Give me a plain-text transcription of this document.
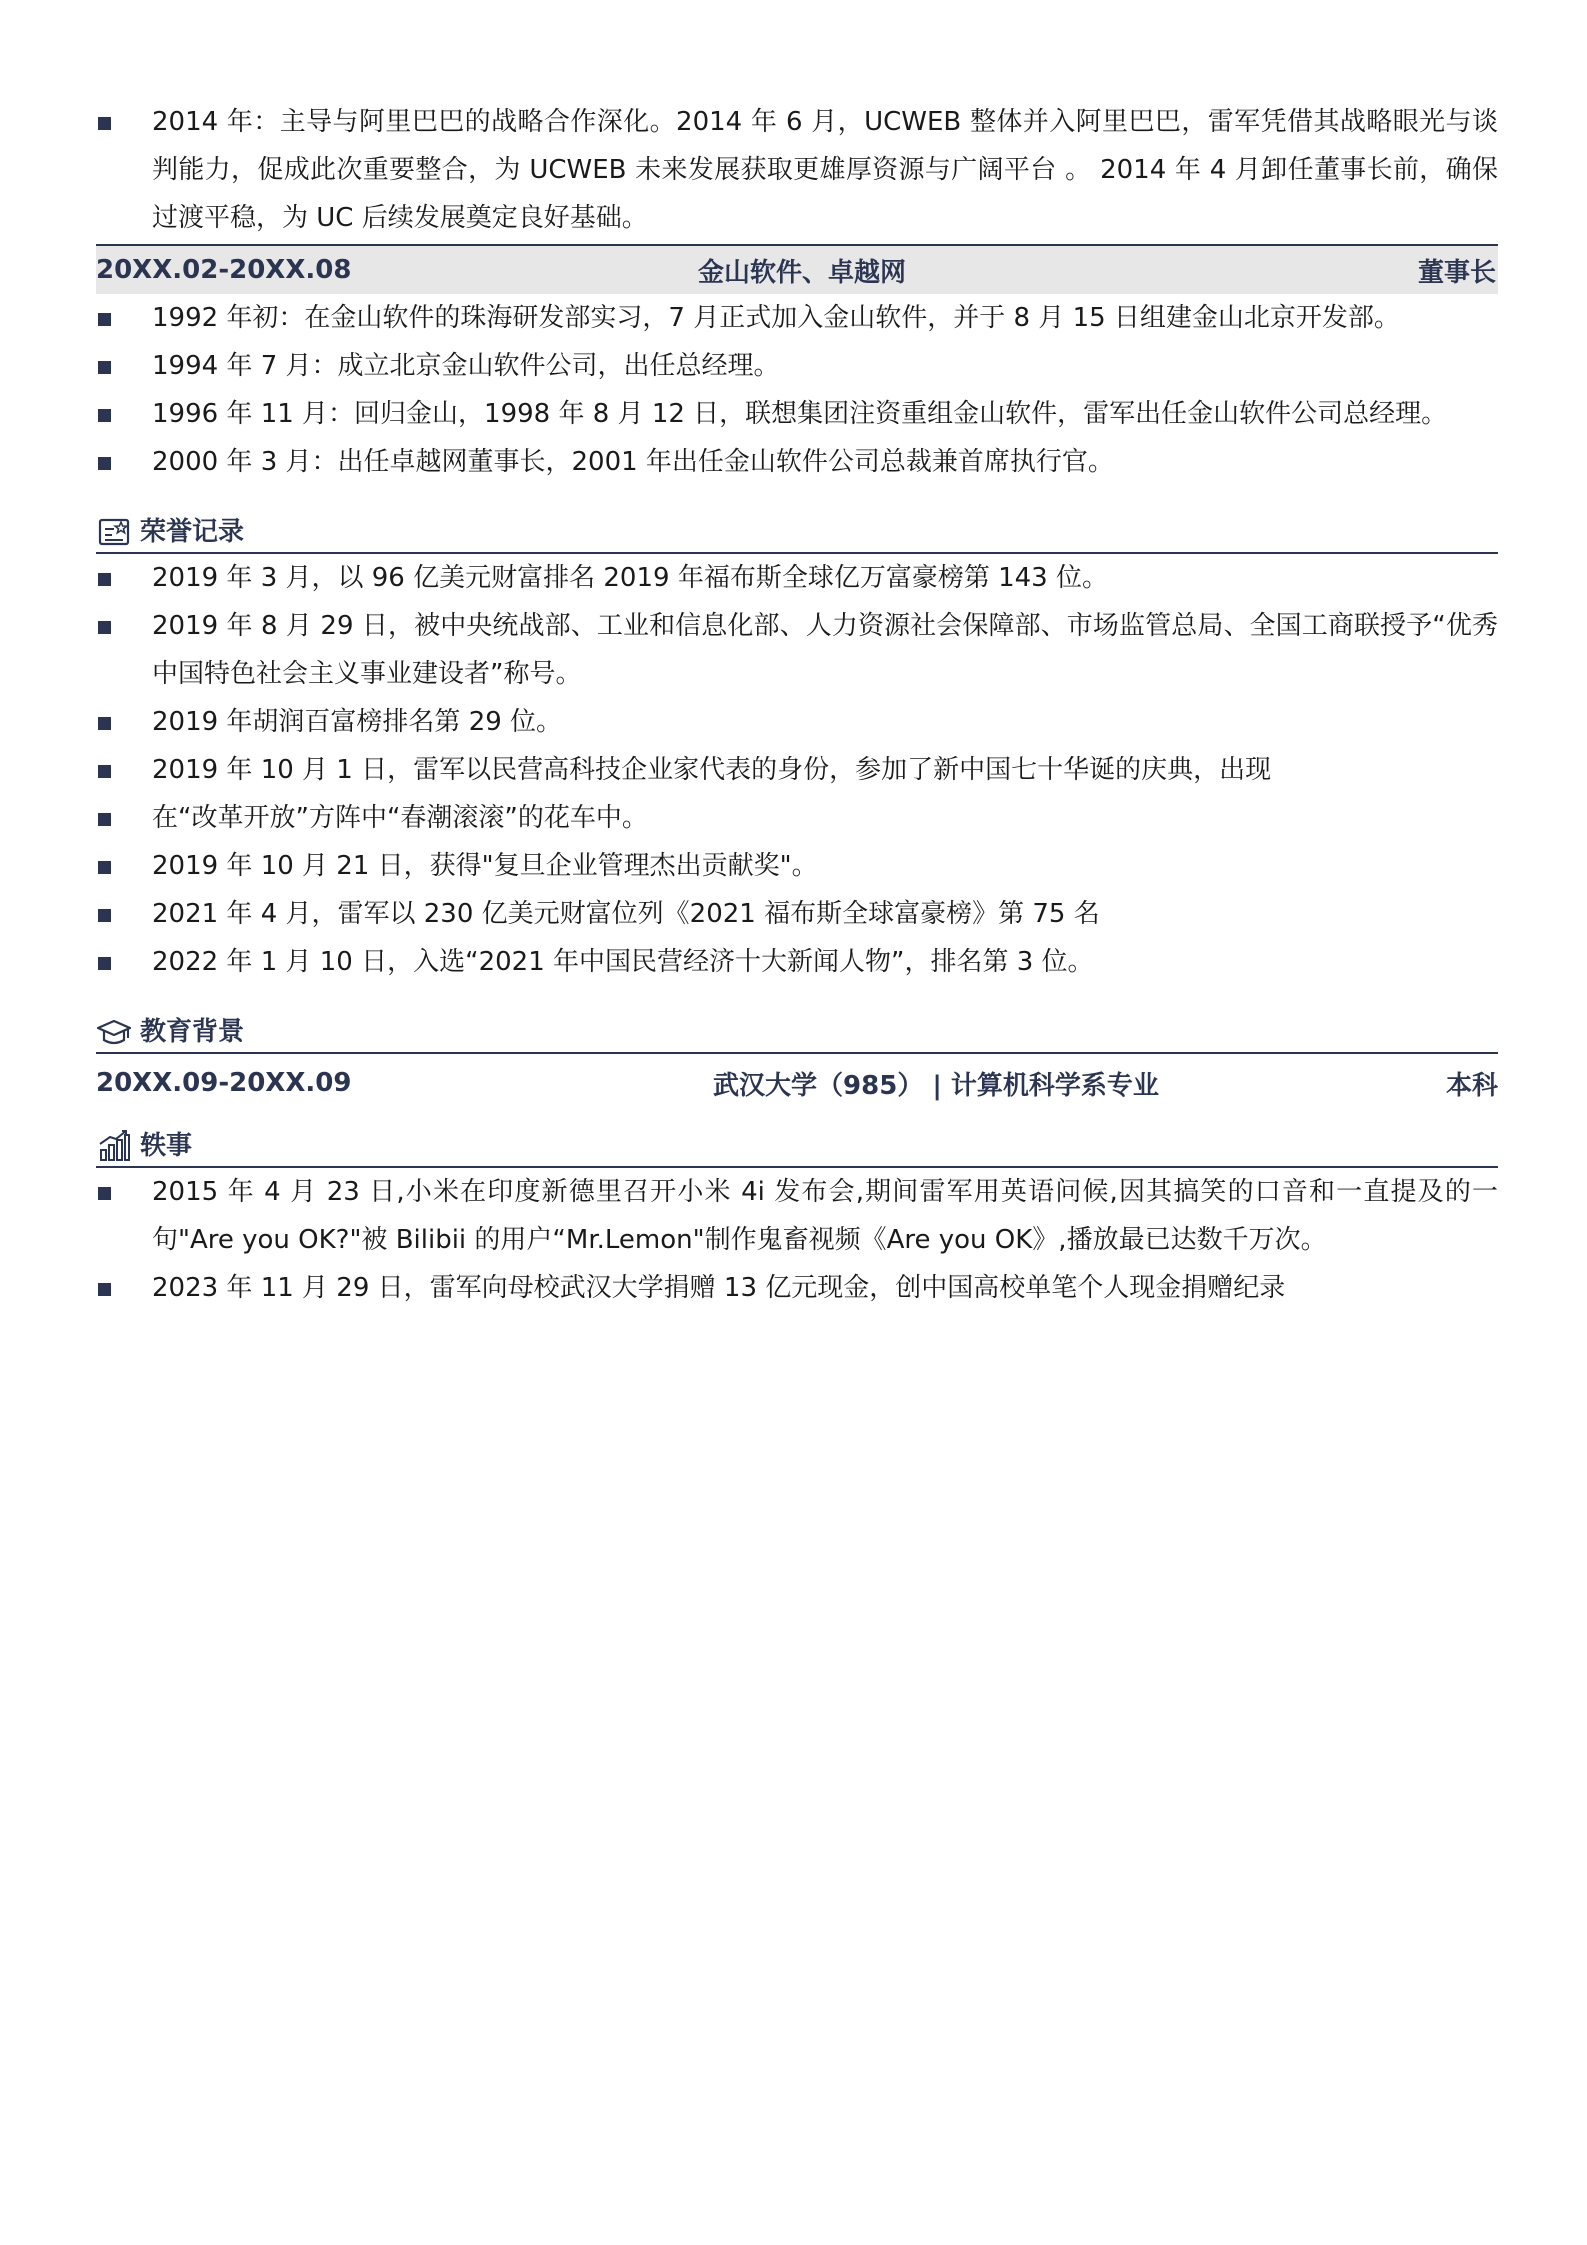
2014 年：主导与阿里巴巴的战略合作深化。2014 年 6 月，UCWEB 整体并入阿里巴巴，雷军凭借其战略眼光与谈判能力，促成此次重要整合，为 UCWEB 未来发展获取更雄厚资源与广阔平台 。 2014 年 4 月卸任董事长前，确保过渡平稳，为 UC 后续发展奠定良好基础。
20XX.02-20XX.08	金山软件、卓越网	董事长
1992 年初：在金山软件的珠海研发部实习，7 月正式加入金山软件，并于 8 月 15 日组建金山北京开发部。
1994 年 7 月：成立北京金山软件公司，出任总经理。
1996 年 11 月：回归金山，1998 年 8 月 12 日，联想集团注资重组金山软件，雷军出任金山软件公司总经理。
2000 年 3 月：出任卓越网董事长，2001 年出任金山软件公司总裁兼首席执行官。
荣誉记录
2019 年 3 月，以 96 亿美元财富排名 2019 年福布斯全球亿万富豪榜第 143 位。
2019 年 8 月 29 日，被中央统战部、工业和信息化部、人力资源社会保障部、市场监管总局、全国工商联授予“优秀中国特色社会主义事业建设者”称号。
2019 年胡润百富榜排名第 29 位。
2019 年 10 月 1 日，雷军以民营高科技企业家代表的身份，参加了新中国七十华诞的庆典，出现
在“改革开放”方阵中“春潮滚滚”的花车中。
2019 年 10 月 21 日，获得"复旦企业管理杰出贡献奖"。
2021 年 4 月，雷军以 230 亿美元财富位列《2021 福布斯全球富豪榜》第 75 名
2022 年 1 月 10 日，入选“2021 年中国民营经济十大新闻人物”，排名第 3 位。
教育背景
20XX.09-20XX.09	武汉大学（985） | 计算机科学系专业	本科
轶事
2015 年 4 月 23 日,小米在印度新德里召开小米 4i 发布会,期间雷军用英语问候,因其搞笑的口音和一直提及的一句"Are you OK?"被 Bilibii 的用户“Mr.Lemon"制作鬼畜视频《Are you OK》,播放最已达数千万次。
2023 年 11 月 29 日，雷军向母校武汉大学捐赠 13 亿元现金，创中国高校单笔个人现金捐赠纪录
